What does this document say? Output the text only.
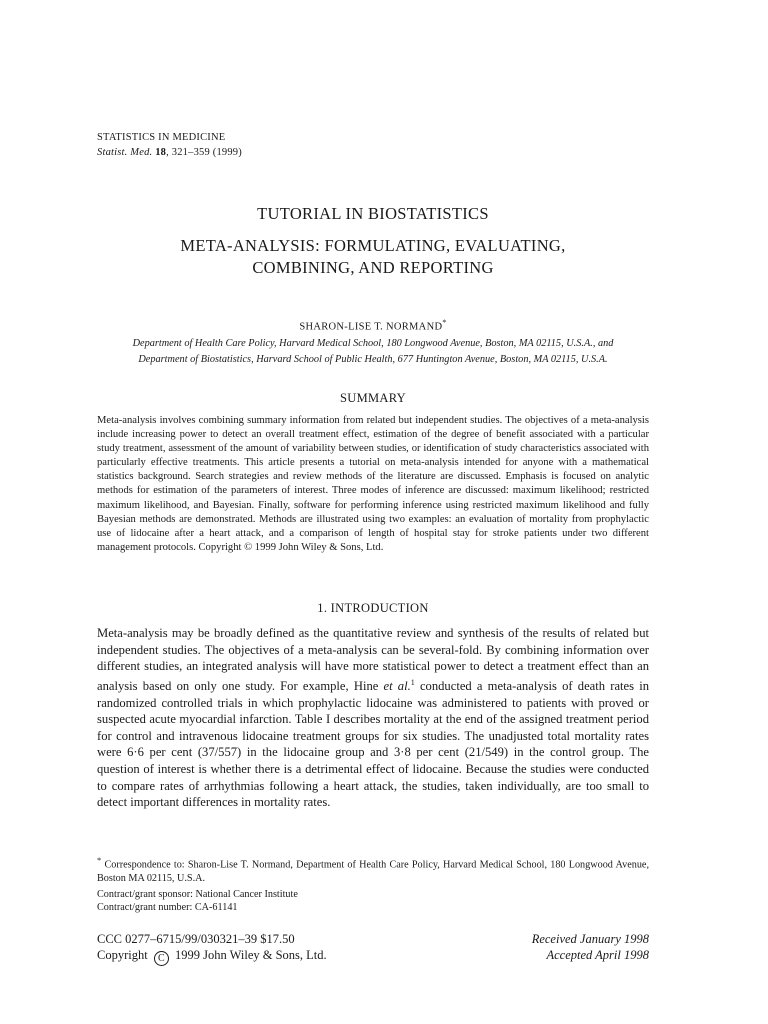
STATISTICS IN MEDICINE
Statist. Med. 18, 321–359 (1999)
TUTORIAL IN BIOSTATISTICS
META-ANALYSIS: FORMULATING, EVALUATING,
COMBINING, AND REPORTING
SHARON-LISE T. NORMAND*
Department of Health Care Policy, Harvard Medical School, 180 Longwood Avenue, Boston, MA 02115, U.S.A., and
Department of Biostatistics, Harvard School of Public Health, 677 Huntington Avenue, Boston, MA 02115, U.S.A.
SUMMARY

Meta-analysis involves combining summary information from related but independent studies. The objectives of a meta-analysis include increasing power to detect an overall treatment effect, estimation of the degree of benefit associated with a particular study treatment, assessment of the amount of variability between studies, or identification of study characteristics associated with particularly effective treatments. This article presents a tutorial on meta-analysis intended for anyone with a mathematical statistics background. Search strategies and review methods of the literature are discussed. Emphasis is focused on analytic methods for estimation of the parameters of interest. Three modes of inference are discussed: maximum likelihood; restricted maximum likelihood, and Bayesian. Finally, software for performing inference using restricted maximum likelihood and fully Bayesian methods are demonstrated. Methods are illustrated using two examples: an evaluation of mortality from prophylactic use of lidocaine after a heart attack, and a comparison of length of hospital stay for stroke patients under two different management protocols. Copyright © 1999 John Wiley & Sons, Ltd.

1. INTRODUCTION

Meta-analysis may be broadly defined as the quantitative review and synthesis of the results of related but independent studies. The objectives of a meta-analysis can be several-fold. By combining information over different studies, an integrated analysis will have more statistical power to detect a treatment effect than an analysis based on only one study. For example, Hine et al.$^1$ conducted a meta-analysis of death rates in randomized controlled trials in which prophylactic lidocaine was administered to patients with proved or suspected acute myocardial infarction. Table I describes mortality at the end of the assigned treatment period for control and intravenous lidocaine treatment groups for six studies. The unadjusted total mortality rates were 6·6 per cent (37/557) in the lidocaine group and 3·8 per cent (21/549) in the control group. The question of interest is whether there is a detrimental effect of lidocaine. Because the studies were conducted to compare rates of arrhythmias following a heart attack, the studies, taken individually, are too small to detect important differences in mortality rates.

* Correspondence to: Sharon-Lise T. Normand, Department of Health Care Policy, Harvard Medical School, 180 Longwood Avenue, Boston MA 02115, U.S.A.

Contract/grant sponsor: National Cancer Institute
Contract/grant number: CA-61141
CCC 0277–6715/99/030321–39 $17.50
Copyright C 1999 John Wiley & Sons, Ltd.
Received January 1998
Accepted April 1998
